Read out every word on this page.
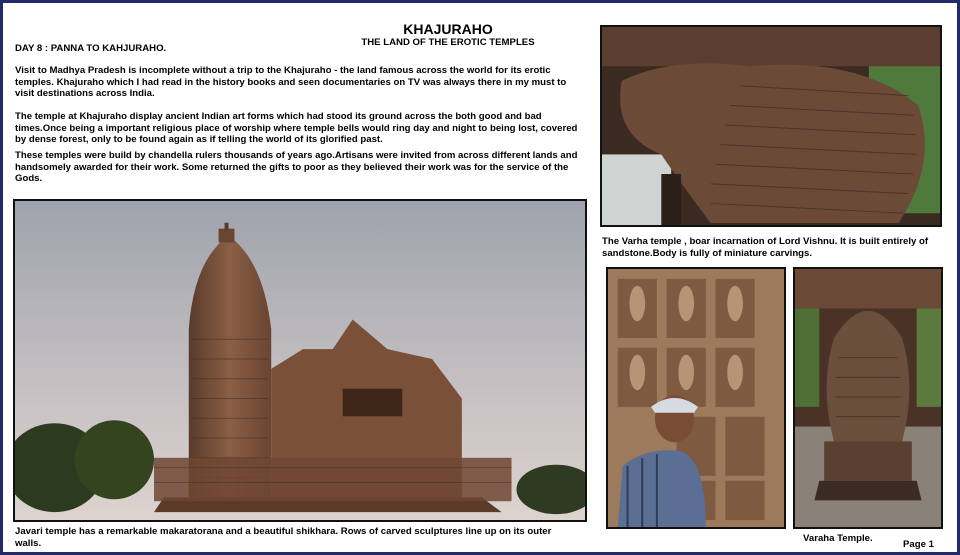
KHAJURAHO
THE LAND OF THE EROTIC TEMPLES
DAY 8 : PANNA TO KAHJURAHO.
Visit to Madhya Pradesh is incomplete without a trip to the Khajuraho - the land famous across the world for its erotic temples. Khajuraho which I had read in the history books and seen documentaries on TV was always there in my must to visit destinations across India.
The temple at Khajuraho display ancient Indian art forms which had stood its ground across the both good and bad times.Once being a important religious place of worship where temple bells would ring day and night to being lost, covered by dense forest, only to be found again as if telling the world of its glorified past.
These temples were build by chandella rulers thousands of years ago.Artisans were invited from across different lands and handsomely awarded for their work. Some returned the gifts to poor as they believed their work was for the service of the Gods.
Javari temple has a remarkable makaratorana and a beautiful shikhara. Rows of carved sculptures line up on its outer walls.
The Varha temple , boar incarnation of Lord Vishnu. It is built entirely of sandstone.Body is fully of miniature carvings.
Varaha Temple.
Page 1
